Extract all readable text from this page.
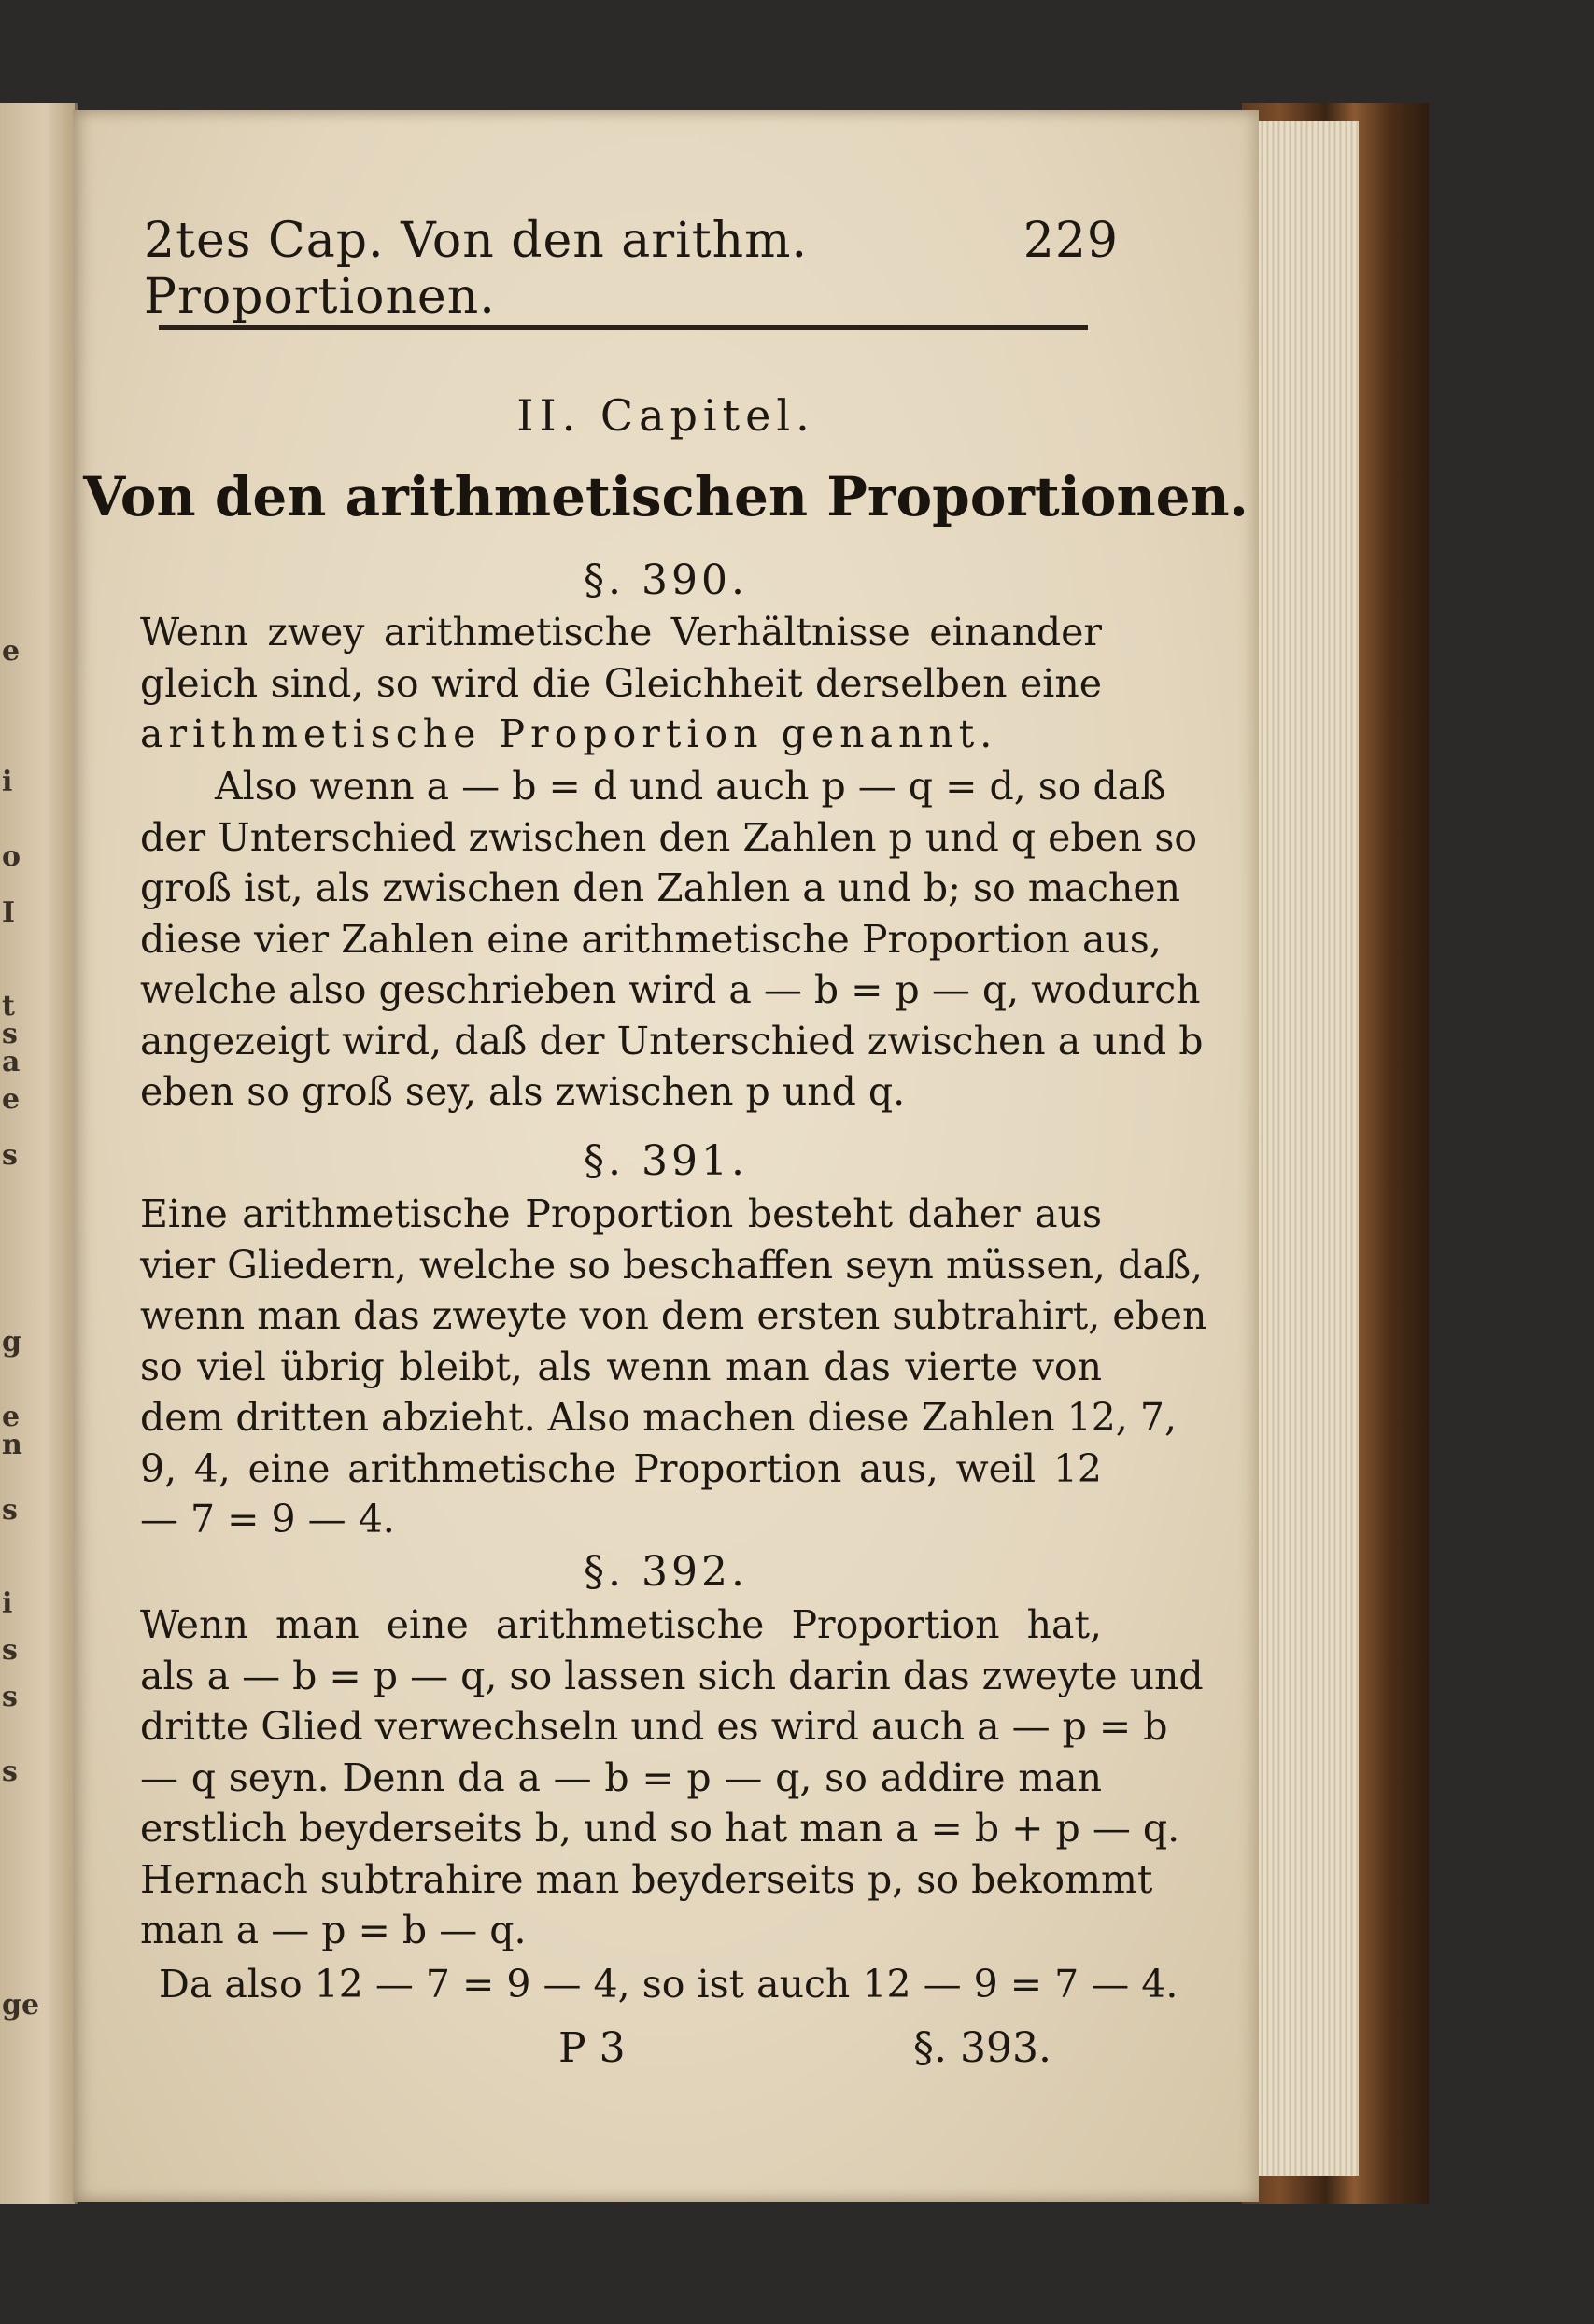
e
i
o
I
t
s
a
e
s
g
e
n
s
i
s
s
s
ge
2tes Cap. Von den arithm. Proportionen.
229
II. Capitel.
Von den arithmetischen Proportionen.
§. 390.
Wenn zwey arithmetische Verhältnisse einander
gleich sind, so wird die Gleichheit derselben eine
arithmetische Proportion genannt.
Also wenn a — b = d und auch p — q = d, so daß
der Unterschied zwischen den Zahlen p und q eben so
groß ist, als zwischen den Zahlen a und b; so machen
diese vier Zahlen eine arithmetische Proportion aus,
welche also geschrieben wird a — b = p — q, wodurch
angezeigt wird, daß der Unterschied zwischen a und b
eben so groß sey, als zwischen p und q.
§. 391.
Eine arithmetische Proportion besteht daher aus
vier Gliedern, welche so beschaffen seyn müssen, daß,
wenn man das zweyte von dem ersten subtrahirt, eben
so viel übrig bleibt, als wenn man das vierte von
dem dritten abzieht. Also machen diese Zahlen 12, 7,
9, 4, eine arithmetische Proportion aus, weil 12
— 7 = 9 — 4.
§. 392.
Wenn man eine arithmetische Proportion hat,
als a — b = p — q, so lassen sich darin das zweyte und
dritte Glied verwechseln und es wird auch a — p = b
— q seyn. Denn da a — b = p — q, so addire man
erstlich beyderseits b, und so hat man a = b + p — q.
Hernach subtrahire man beyderseits p, so bekommt
man a — p = b — q.
Da also 12 — 7 = 9 — 4, so ist auch 12 — 9 = 7 — 4.
P 3	§. 393.
